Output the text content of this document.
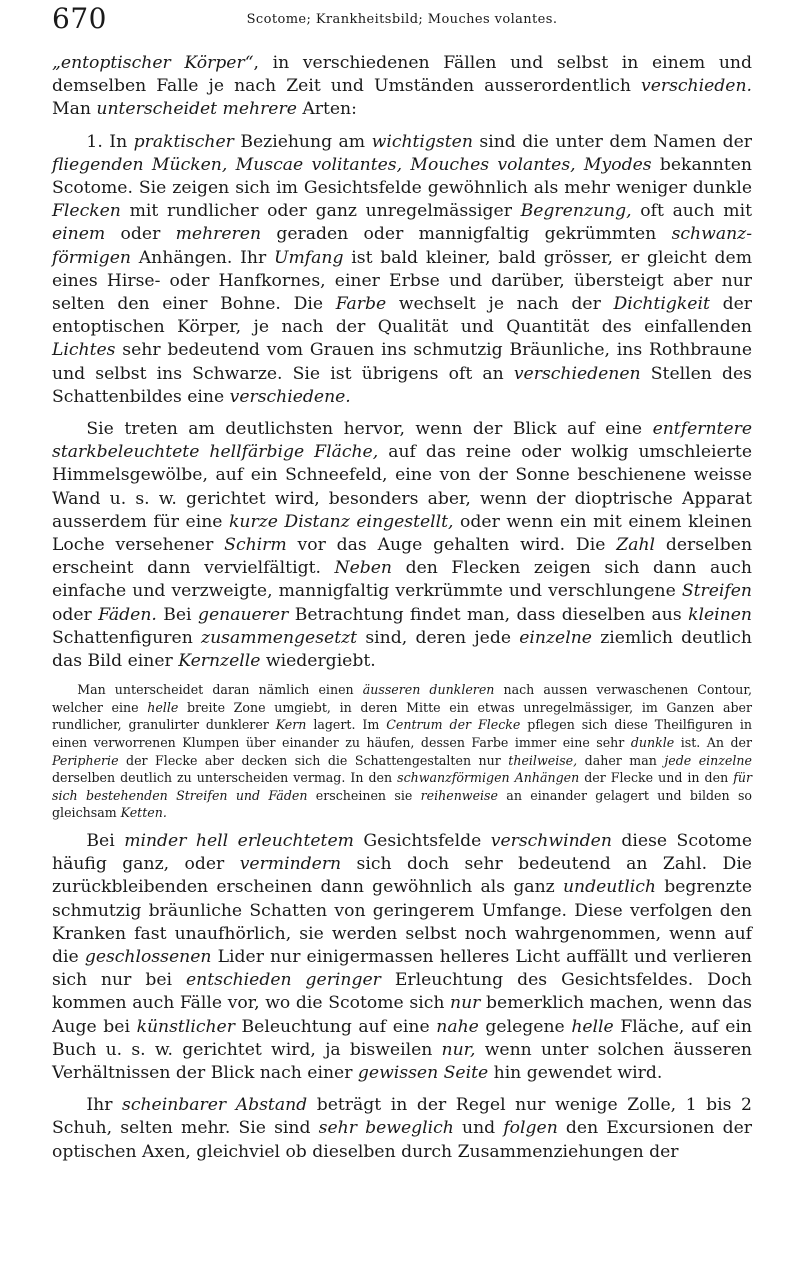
670	Scotome; Krankheitsbild; Mouches volantes.

„entoptischer Körper“, in verschiedenen Fällen und selbst in einem und demselben Falle je nach Zeit und Umständen ausserordentlich verschieden. Man unterscheidet mehrere Arten:

1. In praktischer Beziehung am wichtigsten sind die unter dem Namen der fliegenden Mücken, Muscae volitantes, Mouches volantes, Myodes bekannten Scotome. Sie zeigen sich im Gesichtsfelde gewöhnlich als mehr weniger dunkle Flecken mit rundlicher oder ganz unregelmässiger Begrenzung, oft auch mit einem oder mehreren geraden oder mannigfaltig gekrümmten schwanz-förmigen Anhängen. Ihr Umfang ist bald kleiner, bald grösser, er gleicht dem eines Hirse- oder Hanfkornes, einer Erbse und darüber, übersteigt aber nur selten den einer Bohne. Die Farbe wechselt je nach der Dichtigkeit der entoptischen Körper, je nach der Qualität und Quantität des einfallenden Lichtes sehr bedeutend vom Grauen ins schmutzig Bräunliche, ins Rothbraune und selbst ins Schwarze. Sie ist übrigens oft an verschiedenen Stellen des Schattenbildes eine verschiedene.

Sie treten am deutlichsten hervor, wenn der Blick auf eine entferntere starkbeleuchtete hellfärbige Fläche, auf das reine oder wolkig umschleierte Himmelsgewölbe, auf ein Schneefeld, eine von der Sonne beschienene weisse Wand u. s. w. gerichtet wird, besonders aber, wenn der dioptrische Apparat ausserdem für eine kurze Distanz eingestellt, oder wenn ein mit einem kleinen Loche versehener Schirm vor das Auge gehalten wird. Die Zahl derselben erscheint dann vervielfältigt. Neben den Flecken zeigen sich dann auch einfache und verzweigte, mannigfaltig verkrümmte und verschlungene Streifen oder Fäden. Bei genauerer Betrachtung findet man, dass dieselben aus kleinen Schattenfiguren zusammengesetzt sind, deren jede einzelne ziemlich deutlich das Bild einer Kernzelle wiedergiebt.

Man unterscheidet daran nämlich einen äusseren dunkleren nach aussen verwaschenen Contour, welcher eine helle breite Zone umgiebt, in deren Mitte ein etwas unregelmässiger, im Ganzen aber rundlicher, granulirter dunklerer Kern lagert. Im Centrum der Flecke pflegen sich diese Theilfiguren in einen verworrenen Klumpen über einander zu häufen, dessen Farbe immer eine sehr dunkle ist. An der Peripherie der Flecke aber decken sich die Schattengestalten nur theilweise, daher man jede einzelne derselben deutlich zu unterscheiden vermag. In den schwanzförmigen Anhängen der Flecke und in den für sich bestehenden Streifen und Fäden erscheinen sie reihenweise an einander gelagert und bilden so gleichsam Ketten.

Bei minder hell erleuchtetem Gesichtsfelde verschwinden diese Scotome häufig ganz, oder vermindern sich doch sehr bedeutend an Zahl. Die zurückbleibenden erscheinen dann gewöhnlich als ganz undeutlich begrenzte schmutzig bräunliche Schatten von geringerem Umfange. Diese verfolgen den Kranken fast unaufhörlich, sie werden selbst noch wahrgenommen, wenn auf die geschlossenen Lider nur einigermassen helleres Licht auffällt und verlieren sich nur bei entschieden geringer Erleuchtung des Gesichtsfeldes. Doch kommen auch Fälle vor, wo die Scotome sich nur bemerklich machen, wenn das Auge bei künstlicher Beleuchtung auf eine nahe gelegene helle Fläche, auf ein Buch u. s. w. gerichtet wird, ja bisweilen nur, wenn unter solchen äusseren Verhältnissen der Blick nach einer gewissen Seite hin gewendet wird.

Ihr scheinbarer Abstand beträgt in der Regel nur wenige Zolle, 1 bis 2 Schuh, selten mehr. Sie sind sehr beweglich und folgen den Excursionen der optischen Axen, gleichviel ob dieselben durch Zusammenziehungen der
